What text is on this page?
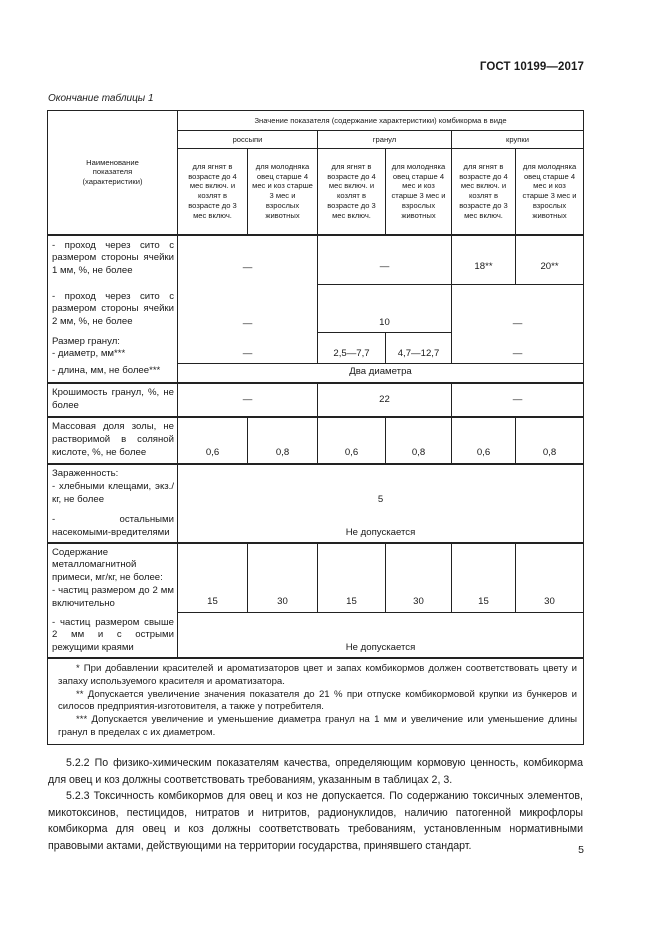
ГОСТ 10199—2017
Окончание таблицы 1
Наименование показателя (характеристики)	Значение показателя (содержание характеристики) комбикорма в виде					
	россыпи		гранул		крупки	
	для ягнят в возрасте до 4 мес включ. и козлят в возрасте до 3 мес включ.	для молодняка овец старше 4 мес и коз старше 3 мес и взрослых животных	для ягнят в возрасте до 4 мес включ. и козлят в возрасте до 3 мес включ.	для молодняка овец старше 4 мес и коз старше 3 мес и взрослых животных	для ягнят в возрасте до 4 мес включ. и козлят в возрасте до 3 мес включ.	для молодняка овец старше 4 мес и коз старше 3 мес и взрослых животных
- проход через сито с размером стороны ячейки 1 мм, %, не более	—		—		18**	20**
- проход через сито с размером стороны ячейки 2 мм, %, не более	—		10		—	

Размер гранул:
- диаметр, мм***	—		2,5—7,7	4,7—12,7	—	
- длина, мм, не более***	Два диаметра					
Крошимость гранул, %, не более	—		22		—	
Массовая доля золы, не растворимой в соляной кислоте, %, не более	0,6	0,8	0,6	0,8	0,6	0,8

Зараженность:
- хлебными клещами, экз./кг, не более	5					
- остальными насекомыми-вредителями	Не допускается					

Содержание металломагнитной примеси, мг/кг, не более:
- частиц размером до 2 мм включительно	15	30	15	30	15	30
- частиц размером свыше 2 мм и с острыми режущими краями	Не допускается					

* При добавлении красителей и ароматизаторов цвет и запах комбикормов должен соответствовать цвету и запаху используемого красителя и ароматизатора.

** Допускается увеличение значения показателя до 21 % при отпуске комбикормовой крупки из бункеров и силосов предприятия-изготовителя, а также у потребителя.

*** Допускается увеличение и уменьшение диаметра гранул на 1 мм и увеличение или уменьшение длины гранул в пределах с их диаметром.						

5.2.2 По физико-химическим показателям качества, определяющим кормовую ценность, комбикорма для овец и коз должны соответствовать требованиям, указанным в таблицах 2, 3.

5.2.3 Токсичность комбикормов для овец и коз не допускается. По содержанию токсичных элементов, микотоксинов, пестицидов, нитратов и нитритов, радионуклидов, наличию патогенной микрофлоры комбикорма для овец и коз должны соответствовать требованиям, установленным нормативными правовыми актами, действующими на территории государства, принявшего стандарт.	5
